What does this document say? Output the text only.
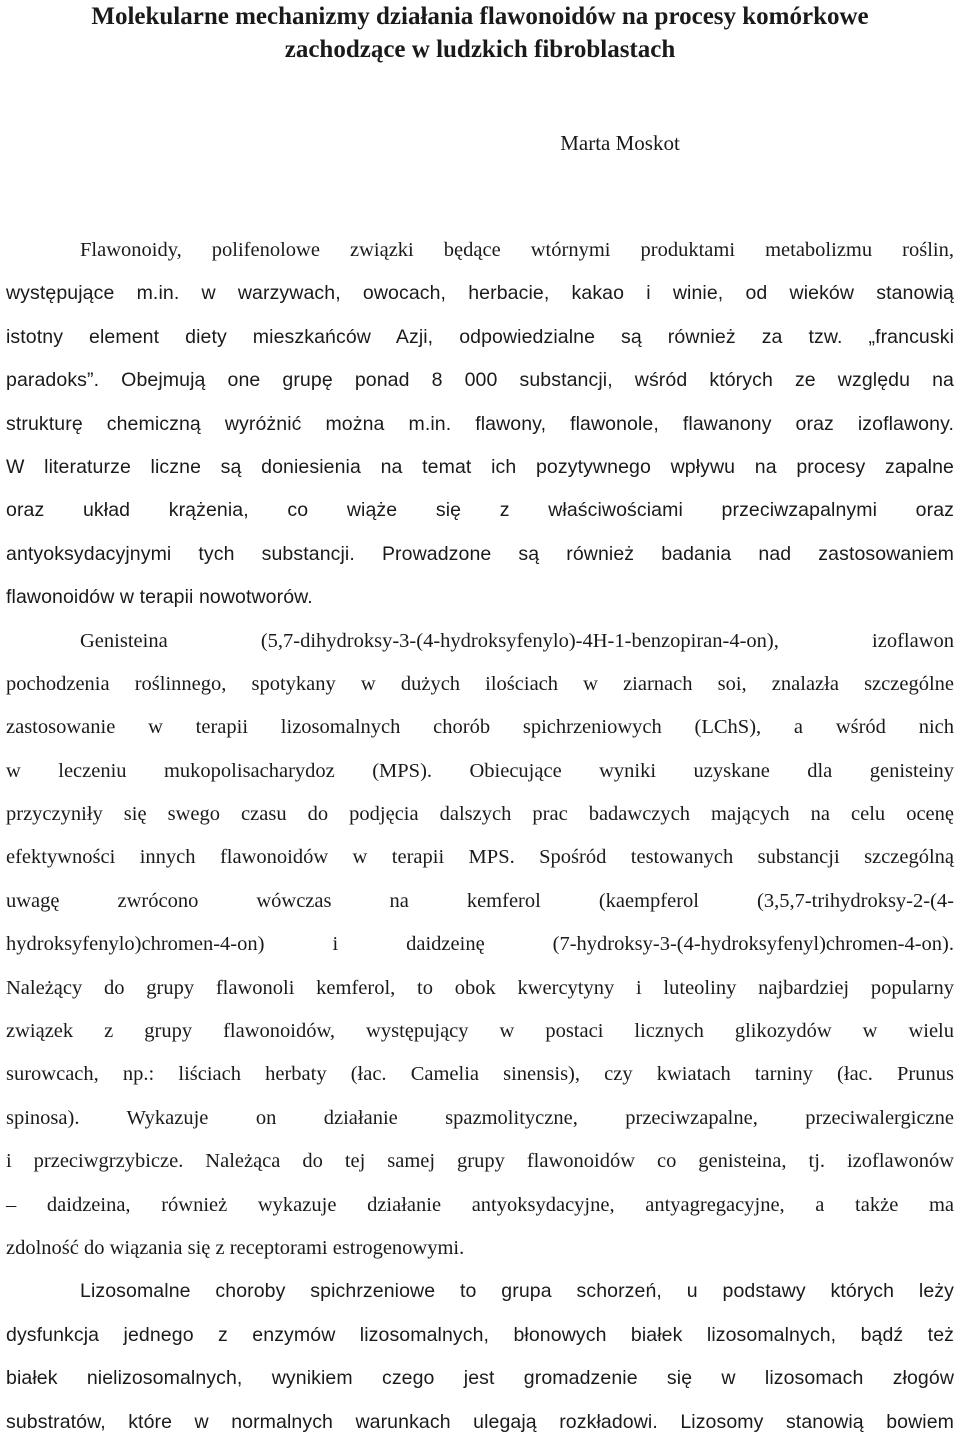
Molekularne mechanizmy działania flawonoidów na procesy komórkowe
zachodzące w ludzkich fibroblastach

Marta Moskot

Flawonoidy, polifenolowe związki będące wtórnymi produktami metabolizmu roślin,
występujące m.in. w warzywach, owocach, herbacie, kakao i winie, od wieków stanowią
istotny element diety mieszkańców Azji, odpowiedzialne są również za tzw. „francuski
paradoks”. Obejmują one grupę ponad 8 000 substancji, wśród których ze względu na
strukturę chemiczną wyróżnić można m.in. flawony, flawonole, flawanony oraz izoflawony.
W literaturze liczne są doniesienia na temat ich pozytywnego wpływu na procesy zapalne
oraz układ krążenia, co wiąże się z właściwościami przeciwzapalnymi oraz
antyoksydacyjnymi tych substancji. Prowadzone są również badania nad zastosowaniem
flawonoidów w terapii nowotworów.

Genisteina (5,7-dihydroksy-3-(4-hydroksyfenylo)-4H-1-benzopiran-4-on), izoflawon
pochodzenia roślinnego, spotykany w dużych ilościach w ziarnach soi, znalazła szczególne
zastosowanie w terapii lizosomalnych chorób spichrzeniowych (LChS), a wśród nich
w leczeniu mukopolisacharydoz (MPS). Obiecujące wyniki uzyskane dla genisteiny
przyczyniły się swego czasu do podjęcia dalszych prac badawczych mających na celu ocenę
efektywności innych flawonoidów w terapii MPS. Spośród testowanych substancji szczególną
uwagę zwrócono wówczas na kemferol (kaempferol (3,5,7-trihydroksy-2-(4-
hydroksyfenylo)chromen-4-on) i daidzeinę (7-hydroksy-3-(4-hydroksyfenyl)chromen-4-on).
Należący do grupy flawonoli kemferol, to obok kwercytyny i luteoliny najbardziej popularny
związek z grupy flawonoidów, występujący w postaci licznych glikozydów w wielu
surowcach, np.: liściach herbaty (łac. Camelia sinensis), czy kwiatach tarniny (łac. Prunus
spinosa). Wykazuje on działanie spazmolityczne, przeciwzapalne, przeciwalergiczne
i przeciwgrzybicze. Należąca do tej samej grupy flawonoidów co genisteina, tj. izoflawonów
– daidzeina, również wykazuje działanie antyoksydacyjne, antyagregacyjne, a także ma
zdolność do wiązania się z receptorami estrogenowymi.

Lizosomalne choroby spichrzeniowe to grupa schorzeń, u podstawy których leży
dysfunkcja jednego z enzymów lizosomalnych, błonowych białek lizosomalnych, bądź też
białek nielizosomalnych, wynikiem czego jest gromadzenie się w lizosomach złogów
substratów, które w normalnych warunkach ulegają rozkładowi. Lizosomy stanowią bowiem
